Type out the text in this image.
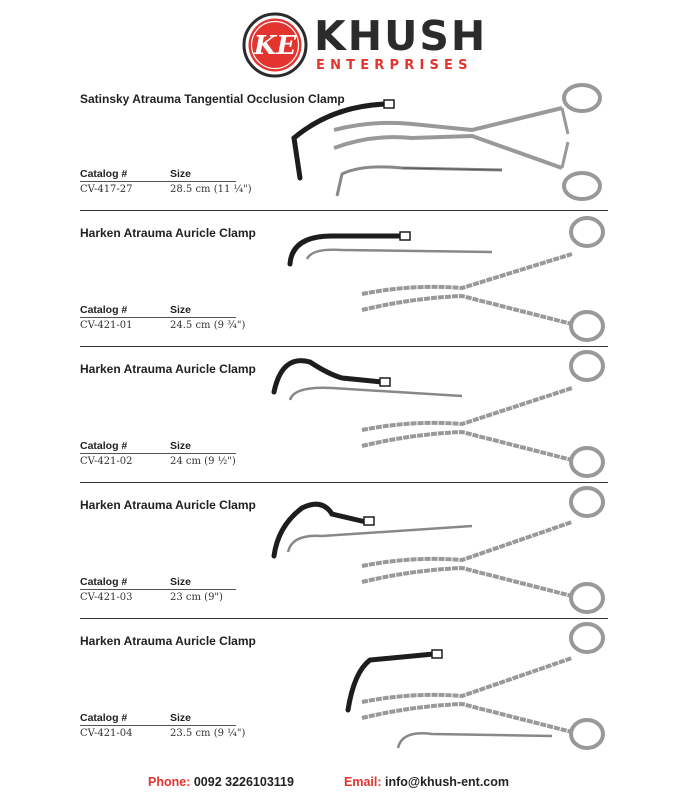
KE KHUSH
ENTERPRISES
Satinsky Atrauma Tangential Occlusion Clamp
Catalog #	Size
CV-417-27	28.5 cm (11 ¼")
Harken Atrauma Auricle Clamp
Catalog #	Size
CV-421-01	24.5 cm (9 ¾")
Harken Atrauma Auricle Clamp
Catalog #	Size
CV-421-02	24 cm (9 ½")
Harken Atrauma Auricle Clamp
Catalog #	Size
CV-421-03	23 cm (9")
Harken Atrauma Auricle Clamp
Catalog #	Size
CV-421-04	23.5 cm (9 ¼")
Phone: 0092 3226103119	Email: info@khush-ent.com
